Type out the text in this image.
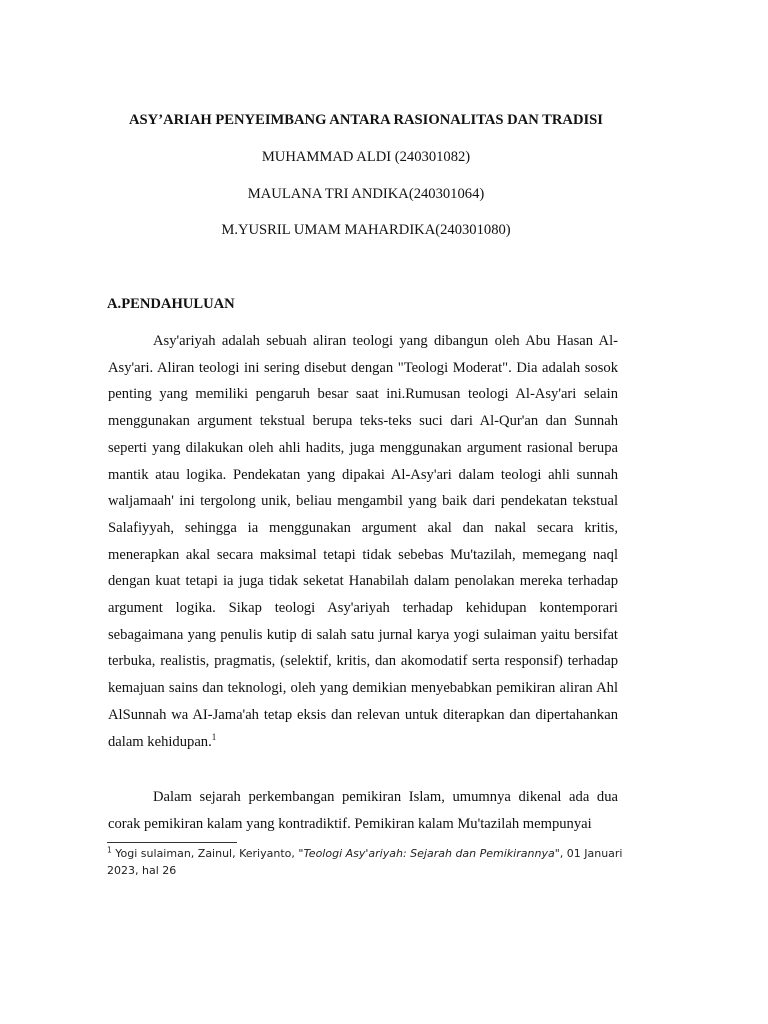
ASY’ARIAH PENYEIMBANG ANTARA RASIONALITAS DAN TRADISI
MUHAMMAD ALDI (240301082)
MAULANA TRI ANDIKA(240301064)
M.YUSRIL UMAM MAHARDIKA(240301080)
A.PENDAHULUAN

Asy'ariyah adalah sebuah aliran teologi yang dibangun oleh Abu Hasan Al-Asy'ari. Aliran teologi ini sering disebut dengan "Teologi Moderat". Dia adalah sosok penting yang memiliki pengaruh besar saat ini.Rumusan teologi Al-Asy'ari selain menggunakan argument tekstual berupa teks-teks suci dari Al-Qur'an dan Sunnah seperti yang dilakukan oleh ahli hadits, juga menggunakan argument rasional berupa mantik atau logika. Pendekatan yang dipakai Al-Asy'ari dalam teologi ahli sunnah waljamaah' ini tergolong unik, beliau mengambil yang baik dari pendekatan tekstual Salafiyyah, sehingga ia menggunakan argument akal dan nakal secara kritis, menerapkan akal secara maksimal tetapi tidak sebebas Mu'tazilah, memegang naql dengan kuat tetapi ia juga tidak seketat Hanabilah dalam penolakan mereka terhadap argument logika. Sikap teologi Asy'ariyah terhadap kehidupan kontemporari sebagaimana yang penulis kutip di salah satu jurnal karya yogi sulaiman yaitu bersifat terbuka, realistis, pragmatis, (selektif, kritis, dan akomodatif serta responsif) terhadap kemajuan sains dan teknologi, oleh yang demikian menyebabkan pemikiran aliran Ahl AlSunnah wa AI-Jama'ah tetap eksis dan relevan untuk diterapkan dan dipertahankan dalam kehidupan.$^1$

Dalam sejarah perkembangan pemikiran Islam, umumnya dikenal ada dua corak pemikiran kalam yang kontradiktif. Pemikiran kalam Mu'tazilah mempunyai

$^1$ Yogi sulaiman, Zainul, Keriyanto, "Teologi Asy'ariyah: Sejarah dan Pemikirannya", 01 Januari 2023, hal 26
